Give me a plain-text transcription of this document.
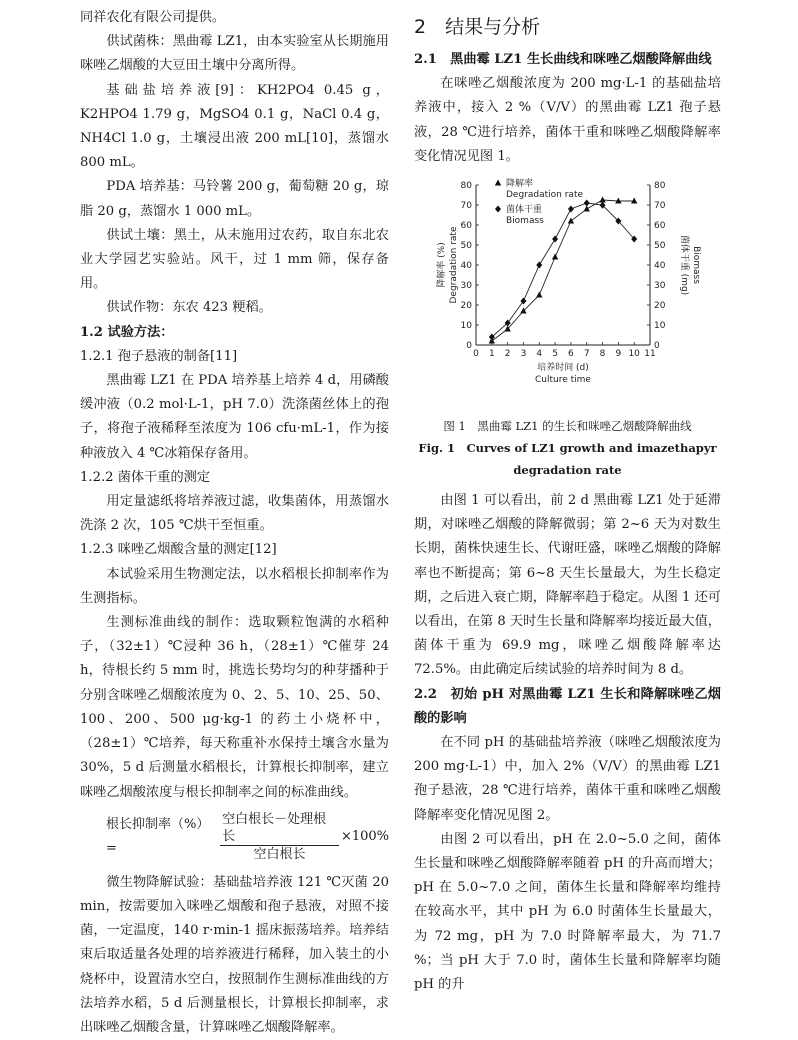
同祥农化有限公司提供。

供试菌株：黑曲霉 LZ1，由本实验室从长期施用咪唑乙烟酸的大豆田土壤中分离所得。

基础盐培养液[9]：KH2PO4 0.45 g，K2HPO4 1.79 g，MgSO4 0.1 g，NaCl 0.4 g，NH4Cl 1.0 g，土壤浸出液 200 mL[10]，蒸馏水 800 mL。

PDA 培养基：马铃薯 200 g，葡萄糖 20 g，琼脂 20 g，蒸馏水 1 000 mL。

供试土壤：黑土，从未施用过农药，取自东北农业大学园艺实验站。风干，过 1 mm 筛，保存备用。

供试作物：东农 423 粳稻。

1.2 试验方法：

1.2.1 孢子悬液的制备[11]

黑曲霉 LZ1 在 PDA 培养基上培养 4 d，用磷酸缓冲液（0.2 mol·L-1，pH 7.0）洗涤菌丝体上的孢子，将孢子液稀释至浓度为 106 cfu·mL-1，作为接种液放入 4 ℃冰箱保存备用。

1.2.2 菌体干重的测定

用定量滤纸将培养液过滤，收集菌体，用蒸馏水洗涤 2 次，105 ℃烘干至恒重。

1.2.3 咪唑乙烟酸含量的测定[12]

本试验采用生物测定法，以水稻根长抑制率作为生测指标。

生测标准曲线的制作：选取颗粒饱满的水稻种子，（32±1）℃浸种 36 h，（28±1）℃催芽 24 h，待根长约 5 mm 时，挑选长势均匀的种芽播种于分别含咪唑乙烟酸浓度为 0、2、5、10、25、50、100、200、500 μg·kg-1 的药土小烧杯中，（28±1）℃培养，每天称重补水保持土壤含水量为 30%，5 d 后测量水稻根长，计算根长抑制率，建立咪唑乙烟酸浓度与根长抑制率之间的标准曲线。

根长抑制率（%）=	$\frac{\text{空白根长－处理根长}}{\text{空白根长}} \times 100\%$

微生物降解试验：基础盐培养液 121 ℃灭菌 20 min，按需要加入咪唑乙烟酸和孢子悬液，对照不接菌，一定温度，140 r·min-1 摇床振荡培养。培养结束后取适量各处理的培养液进行稀释，加入装土的小烧杯中，设置清水空白，按照制作生测标准曲线的方法培养水稻，5 d 后测量根长，计算根长抑制率，求出咪唑乙烟酸含量，计算咪唑乙烟酸降解率。

2　结果与分析

2.1　黑曲霉 LZ1 生长曲线和咪唑乙烟酸降解曲线

在咪唑乙烟酸浓度为 200 mg·L-1 的基础盐培养液中，接入 2 %（V/V）的黑曲霉 LZ1 孢子悬液，28 ℃进行培养，菌体干重和咪唑乙烟酸降解率变化情况见图 1。

0 1 2 3 4 5 6 7 8 9 10 11
0	0
10	10
20	20
30	30
40	40
50	50
60	60
70	70
80	80
培养时间 (d)
Culture time
降解率 (%) Degradation rate	菌体干重 (mg) Biomass
降解率
Degradation rate
菌体干重
Biomass

图 1　黑曲霉 LZ1 的生长和咪唑乙烟酸降解曲线

Fig. 1　Curves of LZ1 growth and imazethapyr

degradation rate

由图 1 可以看出，前 2 d 黑曲霉 LZ1 处于延滞期，对咪唑乙烟酸的降解微弱；第 2~6 天为对数生长期，菌株快速生长、代谢旺盛，咪唑乙烟酸的降解率也不断提高；第 6~8 天生长量最大，为生长稳定期，之后进入衰亡期，降解率趋于稳定。从图 1 还可以看出，在第 8 天时生长量和降解率均接近最大值，菌体干重为 69.9 mg，咪唑乙烟酸降解率达 72.5%。由此确定后续试验的培养时间为 8 d。

2.2　初始 pH 对黑曲霉 LZ1 生长和降解咪唑乙烟酸的影响

在不同 pH 的基础盐培养液（咪唑乙烟酸浓度为 200 mg·L-1）中，加入 2%（V/V）的黑曲霉 LZ1 孢子悬液，28 ℃进行培养，菌体干重和咪唑乙烟酸降解率变化情况见图 2。

由图 2 可以看出，pH 在 2.0~5.0 之间，菌体生长量和咪唑乙烟酸降解率随着 pH 的升高而增大；pH 在 5.0~7.0 之间，菌体生长量和降解率均维持在较高水平，其中 pH 为 6.0 时菌体生长量最大，为 72 mg，pH 为 7.0 时降解率最大，为 71.7 %；当 pH 大于 7.0 时，菌体生长量和降解率均随 pH 的升
